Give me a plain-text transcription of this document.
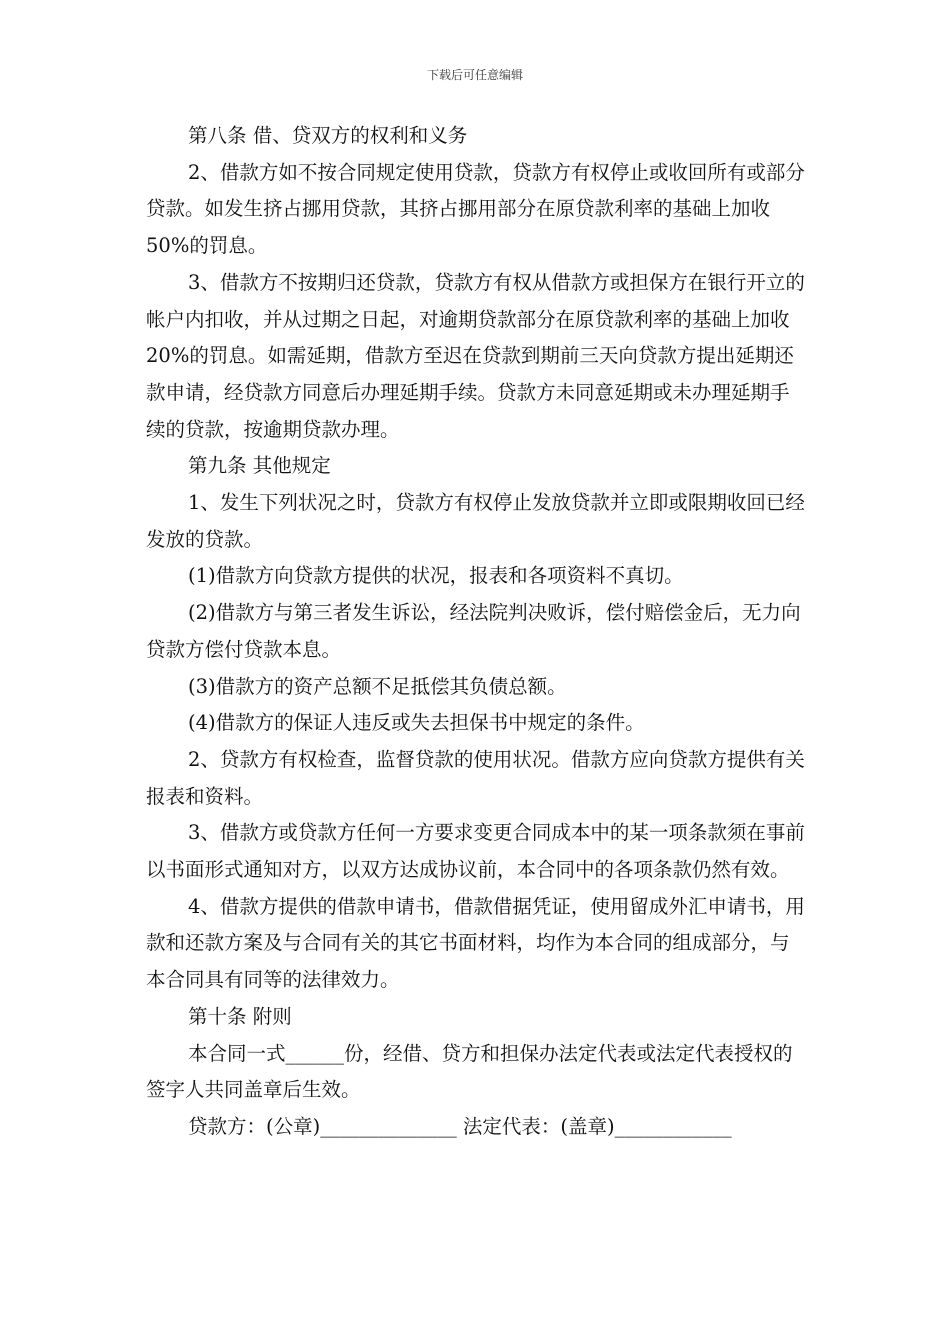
下载后可任意编辑

第八条 借、贷双方的权利和义务

2、借款方如不按合同规定使用贷款，贷款方有权停止或收回所有或部分贷款。如发生挤占挪用贷款，其挤占挪用部分在原贷款利率的基础上加收 50%的罚息。

3、借款方不按期归还贷款，贷款方有权从借款方或担保方在银行开立的帐户内扣收，并从过期之日起，对逾期贷款部分在原贷款利率的基础上加收 20%的罚息。如需延期，借款方至迟在贷款到期前三天向贷款方提出延期还款申请，经贷款方同意后办理延期手续。贷款方未同意延期或未办理延期手续的贷款，按逾期贷款办理。

第九条 其他规定

1、发生下列状况之时，贷款方有权停止发放贷款并立即或限期收回已经发放的贷款。

(1)借款方向贷款方提供的状况，报表和各项资料不真切。

(2)借款方与第三者发生诉讼，经法院判决败诉，偿付赔偿金后，无力向贷款方偿付贷款本息。

(3)借款方的资产总额不足抵偿其负债总额。

(4)借款方的保证人违反或失去担保书中规定的条件。

2、贷款方有权检查，监督贷款的使用状况。借款方应向贷款方提供有关报表和资料。

3、借款方或贷款方任何一方要求变更合同成本中的某一项条款须在事前以书面形式通知对方，以双方达成协议前，本合同中的各项条款仍然有效。

4、借款方提供的借款申请书，借款借据凭证，使用留成外汇申请书，用款和还款方案及与合同有关的其它书面材料，均作为本合同的组成部分，与本合同具有同等的法律效力。

第十条 附则

本合同一式______份，经借、贷方和担保办法定代表或法定代表授权的签字人共同盖章后生效。

贷款方：(公章)______________ 法定代表：(盖章)____________
